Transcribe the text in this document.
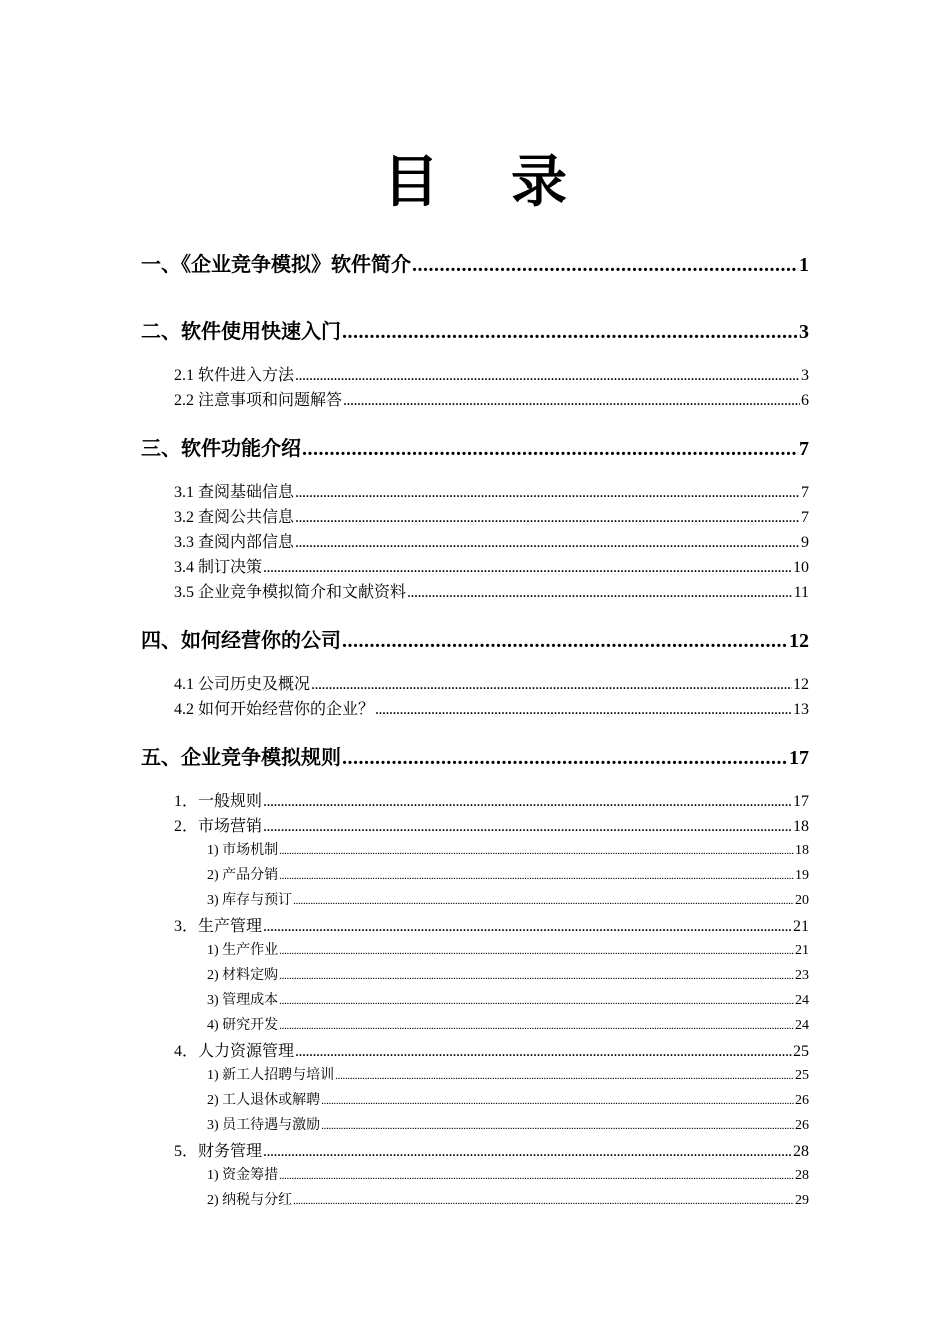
目 录
一、《企业竞争模拟》软件简介 .....	1
二、软件使用快速入门 .....	3
2.1 软件进入方法 .....	3
2.2 注意事项和问题解答 .....	6
三、软件功能介绍 .....	7
3.1 查阅基础信息 .....	7
3.2 查阅公共信息 .....	7
3.3 查阅内部信息 .....	9
3.4 制订决策 .....	10
3.5 企业竞争模拟简介和文献资料 .....	11
四、如何经营你的公司 .....	12
4.1 公司历史及概况 .....	12
4.2 如何开始经营你的企业？ .....	13
五、企业竞争模拟规则 .....	17
1．一般规则 .....	17
2．市场营销 .....	18
1) 市场机制 .....	18
2) 产品分销 .....	19
3) 库存与预订 .....	20
3．生产管理 .....	21
1) 生产作业 .....	21
2) 材料定购 .....	23
3) 管理成本 .....	24
4) 研究开发 .....	24
4．人力资源管理 .....	25
1) 新工人招聘与培训 .....	25
2) 工人退休或解聘 .....	26
3) 员工待遇与激励 .....	26
5．财务管理 .....	28
1) 资金筹措 .....	28
2) 纳税与分红 .....	29
